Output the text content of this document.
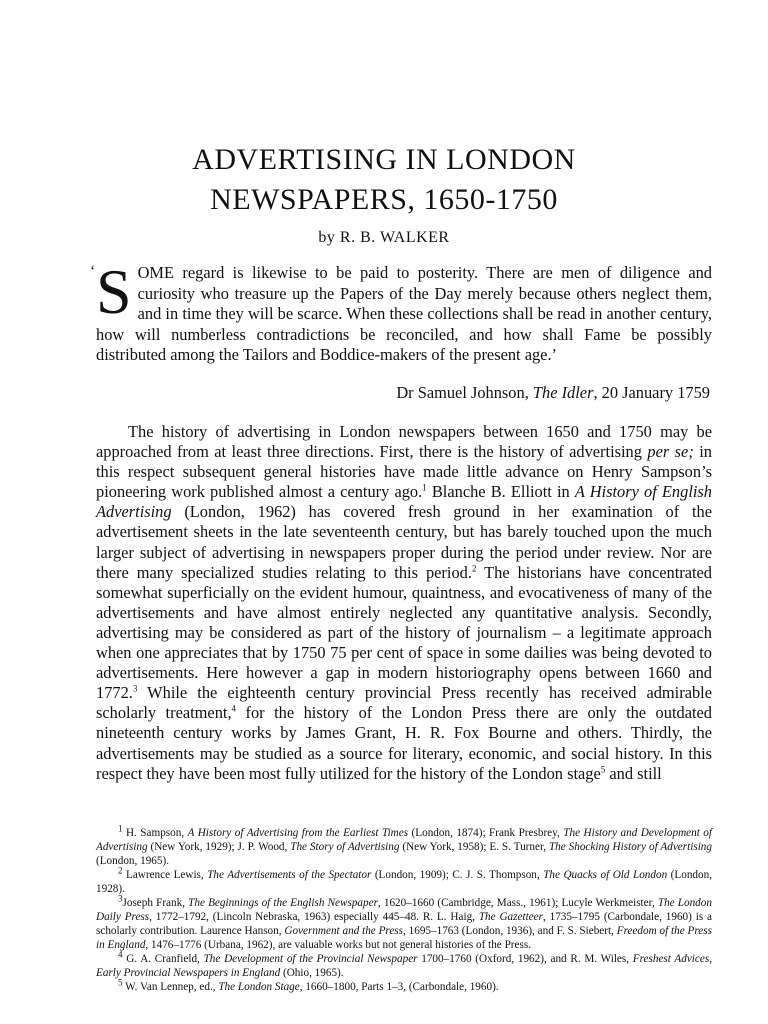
ADVERTISING IN LONDON
NEWSPAPERS, 1650-1750
by R. B. WALKER
‘ SOME regard is likewise to be paid to posterity. There are men of diligence and curiosity who treasure up the Papers of the Day merely because others neglect them, and in time they will be scarce. When these collections shall be read in another century, how will numberless contradictions be reconciled, and how shall Fame be possibly distributed among the Tailors and Boddice-makers of the present age.’
Dr Samuel Johnson, The Idler, 20 January 1759

The history of advertising in London newspapers between 1650 and 1750 may be approached from at least three directions. First, there is the history of advertising per se; in this respect subsequent general histories have made little advance on Henry Sampson’s pioneering work published almost a century ago.$^1$ Blanche B. Elliott in A History of English Advertising (London, 1962) has covered fresh ground in her examination of the advertisement sheets in the late seventeenth century, but has barely touched upon the much larger subject of advertising in newspapers proper during the period under review. Nor are there many specialized studies relating to this period.$^2$ The historians have concentrated somewhat superficially on the evident humour, quaintness, and evocativeness of many of the advertisements and have almost entirely neglected any quantitative analysis. Secondly, advertising may be considered as part of the history of journalism – a legitimate approach when one appreciates that by 1750 75 per cent of space in some dailies was being devoted to advertisements. Here however a gap in modern historiography opens between 1660 and 1772.$^3$ While the eighteenth century provincial Press recently has received admirable scholarly treatment,$^4$ for the history of the London Press there are only the outdated nineteenth century works by James Grant, H. R. Fox Bourne and others. Thirdly, the advertisements may be studied as a source for literary, economic, and social history. In this respect they have been most fully utilized for the history of the London stage$^5$ and still

$^1$ H. Sampson, A History of Advertising from the Earliest Times (London, 1874); Frank Presbrey, The History and Development of Advertising (New York, 1929); J. P. Wood, The Story of Advertising (New York, 1958); E. S. Turner, The Shocking History of Advertising (London, 1965).

$^2$ Lawrence Lewis, The Advertisements of the Spectator (London, 1909); C. J. S. Thompson, The Quacks of Old London (London, 1928).

$^3$Joseph Frank, The Beginnings of the English Newspaper, 1620–1660 (Cambridge, Mass., 1961); Lucyle Werkmeister, The London Daily Press, 1772–1792, (Lincoln Nebraska, 1963) especially 445–48. R. L. Haig, The Gazetteer, 1735–1795 (Carbondale, 1960) is a scholarly contribution. Laurence Hanson, Government and the Press, 1695–1763 (London, 1936), and F. S. Siebert, Freedom of the Press in England, 1476–1776 (Urbana, 1962), are valuable works but not general histories of the Press.

$^4$ G. A. Cranfield, The Development of the Provincial Newspaper 1700–1760 (Oxford, 1962), and R. M. Wiles, Freshest Advices, Early Provincial Newspapers in England (Ohio, 1965).

$^5$ W. Van Lennep, ed., The London Stage, 1660–1800, Parts 1–3, (Carbondale, 1960).
